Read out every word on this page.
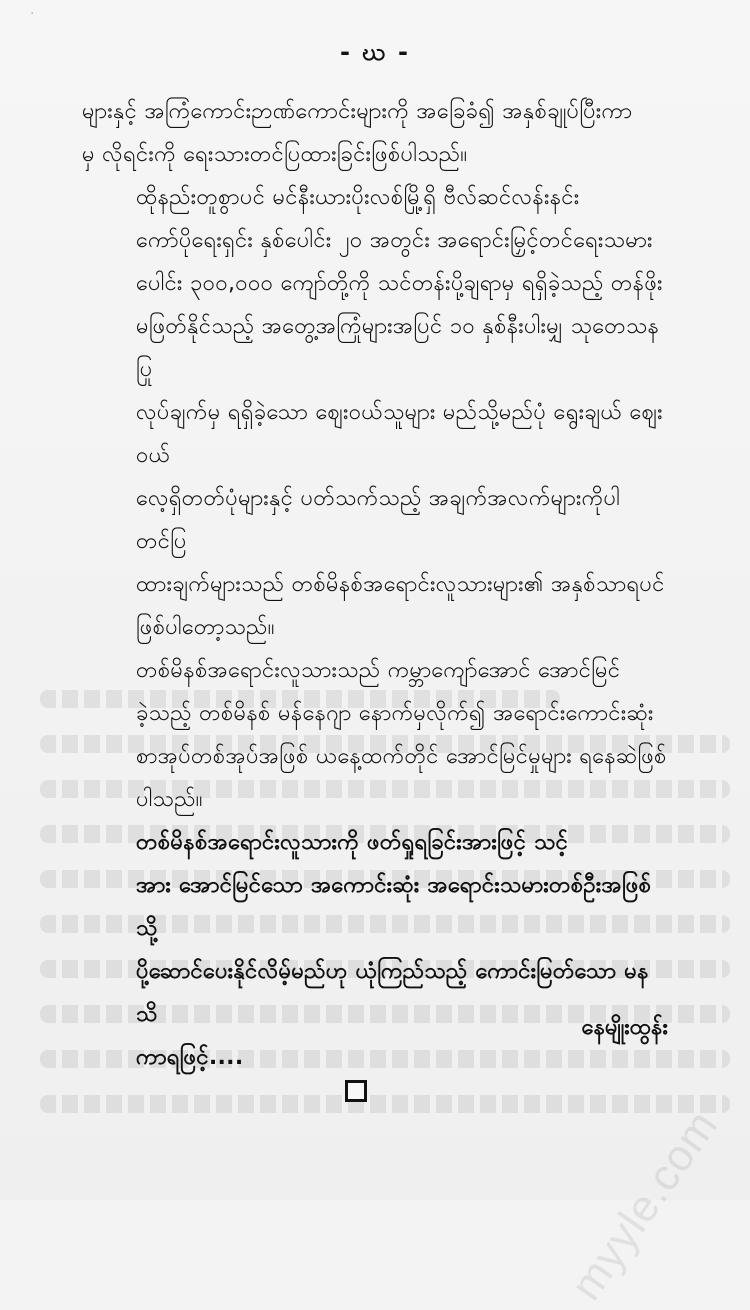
myyle.com
·
- ဃ -

များနှင့် အကြံကောင်းဉာဏ်ကောင်းများကို အခြေခံ၍ အနှစ်ချုပ်ပြီးကာ
မှ လိုရင်းကို ရေးသားတင်ပြထားခြင်းဖြစ်ပါသည်။

ထိုနည်းတူစွာပင် မင်နီးယားပိုးလစ်မြို့ရှိ ဗီလ်ဆင်လန်းနင်း
ကော်ပိုရေးရှင်း နှစ်ပေါင်း ၂၀ အတွင်း အရောင်းမြှင့်တင်ရေးသမား
ပေါင်း ၃၀၀,၀၀၀ ကျော်တို့ကို သင်တန်းပို့ချရာမှ ရရှိခဲ့သည့် တန်ဖိုး
မဖြတ်နိုင်သည့် အတွေ့အကြုံများအပြင် ၁၀ နှစ်နီးပါးမျှ သုတေသနပြု
လုပ်ချက်မှ ရရှိခဲ့သော ဈေးဝယ်သူများ မည်သို့မည်ပုံ ရွေးချယ် ဈေးဝယ်
လေ့ရှိတတ်ပုံများနှင့် ပတ်သက်သည့် အချက်အလက်များကိုပါ တင်ပြ
ထားချက်များသည် တစ်မိနစ်အရောင်းလူသားများ၏ အနှစ်သာရပင်
ဖြစ်ပါတော့သည်။

တစ်မိနစ်အရောင်းလူသားသည် ကမ္ဘာကျော်အောင် အောင်မြင်
ခဲ့သည့် တစ်မိနစ် မန်နေဂျာ နောက်မှလိုက်၍ အရောင်းကောင်းဆုံး
စာအုပ်တစ်အုပ်အဖြစ် ယနေ့ထက်တိုင် အောင်မြင်မှုများ ရနေဆဲဖြစ်
ပါသည်။

တစ်မိနစ်အရောင်းလူသားကို ဖတ်ရှုရခြင်းအားဖြင့် သင့်
အား အောင်မြင်သော အကောင်းဆုံး အရောင်းသမားတစ်ဦးအဖြစ်သို့
ပို့ဆောင်ပေးနိုင်လိမ့်မည်ဟု ယုံကြည်သည့် ကောင်းမြတ်သော မနသိ
ကာရဖြင့်....

နေမျိုးထွန်း
